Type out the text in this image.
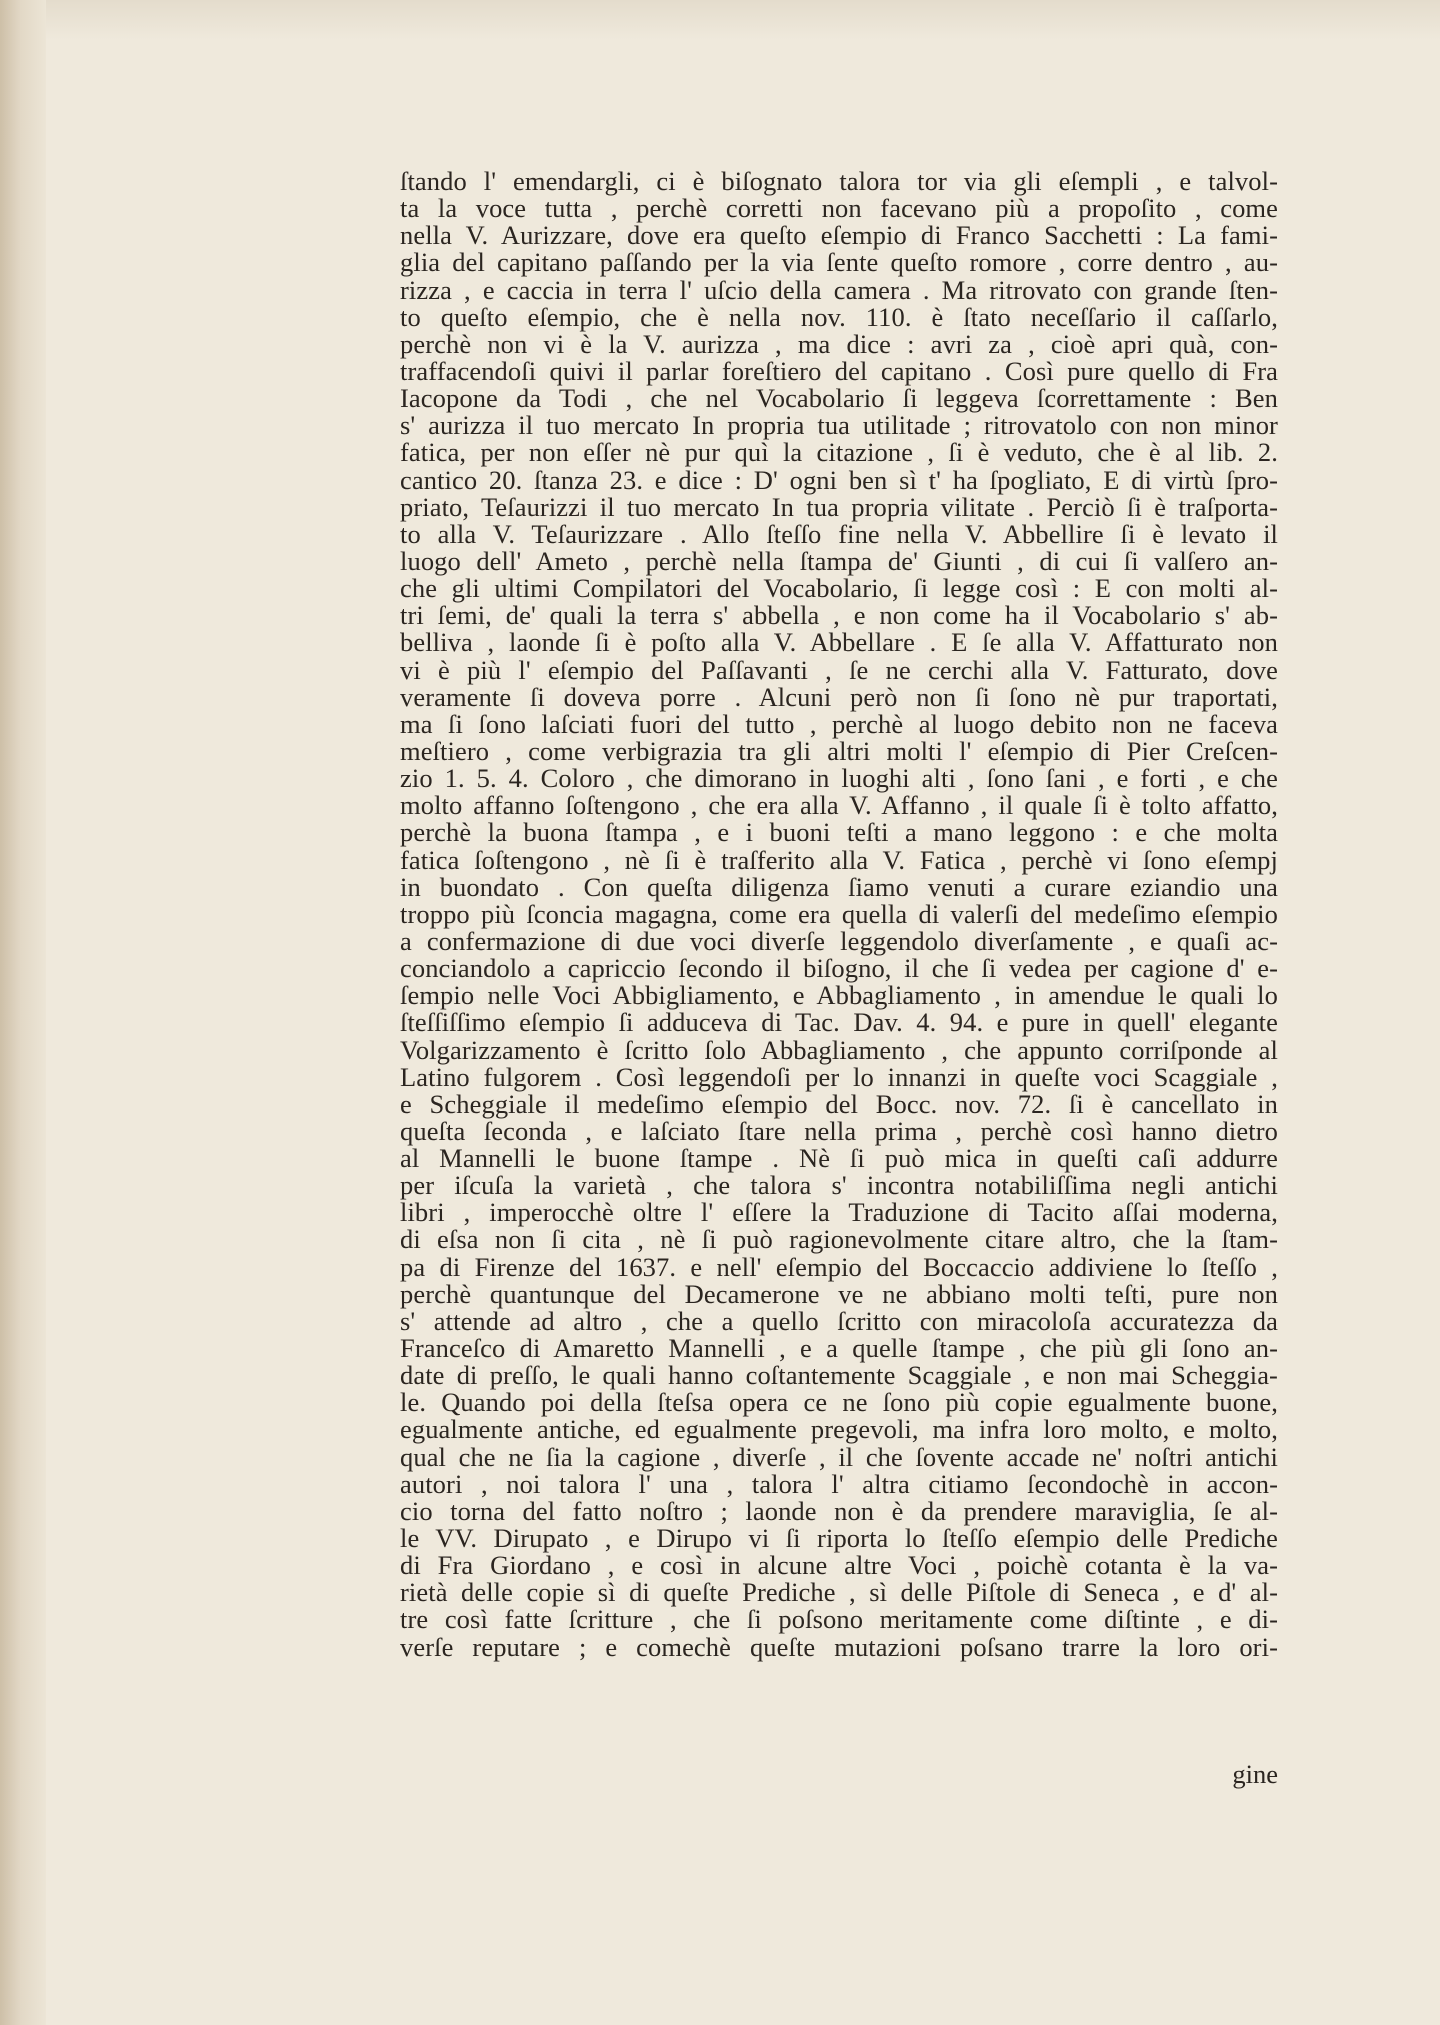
ſtando l' emendargli, ci è biſognato talora tor via gli eſempli , e talvol-
ta la voce tutta , perchè corretti non facevano più a propoſito , come
nella V. Aurizzare, dove era queſto eſempio di Franco Sacchetti : La fami-
glia del capitano paſſando per la via ſente queſto romore , corre dentro , au-
rizza , e caccia in terra l' uſcio della camera . Ma ritrovato con grande ſten-
to queſto eſempio, che è nella nov. 110. è ſtato neceſſario il caſſarlo,
perchè non vi è la V. aurizza , ma dice : avri za , cioè apri quà, con-
traffacendoſi quivi il parlar foreſtiero del capitano . Così pure quello di Fra
Iacopone da Todi , che nel Vocabolario ſi leggeva ſcorrettamente : Ben
s' aurizza il tuo mercato In propria tua utilitade ; ritrovatolo con non minor
fatica, per non eſſer nè pur quì la citazione , ſi è veduto, che è al lib. 2.
cantico 20. ſtanza 23. e dice : D' ogni ben sì t' ha ſpogliato, E di virtù ſpro-
priato, Teſaurizzi il tuo mercato In tua propria vilitate . Perciò ſi è traſporta-
to alla V. Teſaurizzare . Allo ſteſſo fine nella V. Abbellire ſi è levato il
luogo dell' Ameto , perchè nella ſtampa de' Giunti , di cui ſi valſero an-
che gli ultimi Compilatori del Vocabolario, ſi legge così : E con molti al-
tri ſemi, de' quali la terra s' abbella , e non come ha il Vocabolario s' ab-
belliva , laonde ſi è poſto alla V. Abbellare . E ſe alla V. Affatturato non
vi è più l' eſempio del Paſſavanti , ſe ne cerchi alla V. Fatturato, dove
veramente ſi doveva porre . Alcuni però non ſi ſono nè pur traportati,
ma ſi ſono laſciati fuori del tutto , perchè al luogo debito non ne faceva
meſtiero , come verbigrazia tra gli altri molti l' eſempio di Pier Creſcen-
zio 1. 5. 4. Coloro , che dimorano in luoghi alti , ſono ſani , e forti , e che
molto affanno ſoſtengono , che era alla V. Affanno , il quale ſi è tolto affatto,
perchè la buona ſtampa , e i buoni teſti a mano leggono : e che molta
fatica ſoſtengono , nè ſi è traſferito alla V. Fatica , perchè vi ſono eſempj
in buondato . Con queſta diligenza ſiamo venuti a curare eziandio una
troppo più ſconcia magagna, come era quella di valerſi del medeſimo eſempio
a confermazione di due voci diverſe leggendolo diverſamente , e quaſi ac-
conciandolo a capriccio ſecondo il biſogno, il che ſi vedea per cagione d' e-
ſempio nelle Voci Abbigliamento, e Abbagliamento , in amendue le quali lo
ſteſſiſſimo eſempio ſi adduceva di Tac. Dav. 4. 94. e pure in quell' elegante
Volgarizzamento è ſcritto ſolo Abbagliamento , che appunto corriſponde al
Latino fulgorem . Così leggendoſi per lo innanzi in queſte voci Scaggiale ,
e Scheggiale il medeſimo eſempio del Bocc. nov. 72. ſi è cancellato in
queſta ſeconda , e laſciato ſtare nella prima , perchè così hanno dietro
al Mannelli le buone ſtampe . Nè ſi può mica in queſti caſi addurre
per iſcuſa la varietà , che talora s' incontra notabiliſſima negli antichi
libri , imperocchè oltre l' eſſere la Traduzione di Tacito aſſai moderna,
di eſsa non ſi cita , nè ſi può ragionevolmente citare altro, che la ſtam-
pa di Firenze del 1637. e nell' eſempio del Boccaccio addiviene lo ſteſſo ,
perchè quantunque del Decamerone ve ne abbiano molti teſti, pure non
s' attende ad altro , che a quello ſcritto con miracoloſa accuratezza da
Franceſco di Amaretto Mannelli , e a quelle ſtampe , che più gli ſono an-
date di preſſo, le quali hanno coſtantemente Scaggiale , e non mai Scheggia-
le. Quando poi della ſteſsa opera ce ne ſono più copie egualmente buone,
egualmente antiche, ed egualmente pregevoli, ma infra loro molto, e molto,
qual che ne ſia la cagione , diverſe , il che ſovente accade ne' noſtri antichi
autori , noi talora l' una , talora l' altra citiamo ſecondochè in accon-
cio torna del fatto noſtro ; laonde non è da prendere maraviglia, ſe al-
le VV. Dirupato , e Dirupo vi ſi riporta lo ſteſſo eſempio delle Prediche
di Fra Giordano , e così in alcune altre Voci , poichè cotanta è la va-
rietà delle copie sì di queſte Prediche , sì delle Piſtole di Seneca , e d' al-
tre così fatte ſcritture , che ſi poſsono meritamente come diſtinte , e di-
verſe reputare ; e comechè queſte mutazioni poſsano trarre la loro ori-
gine
